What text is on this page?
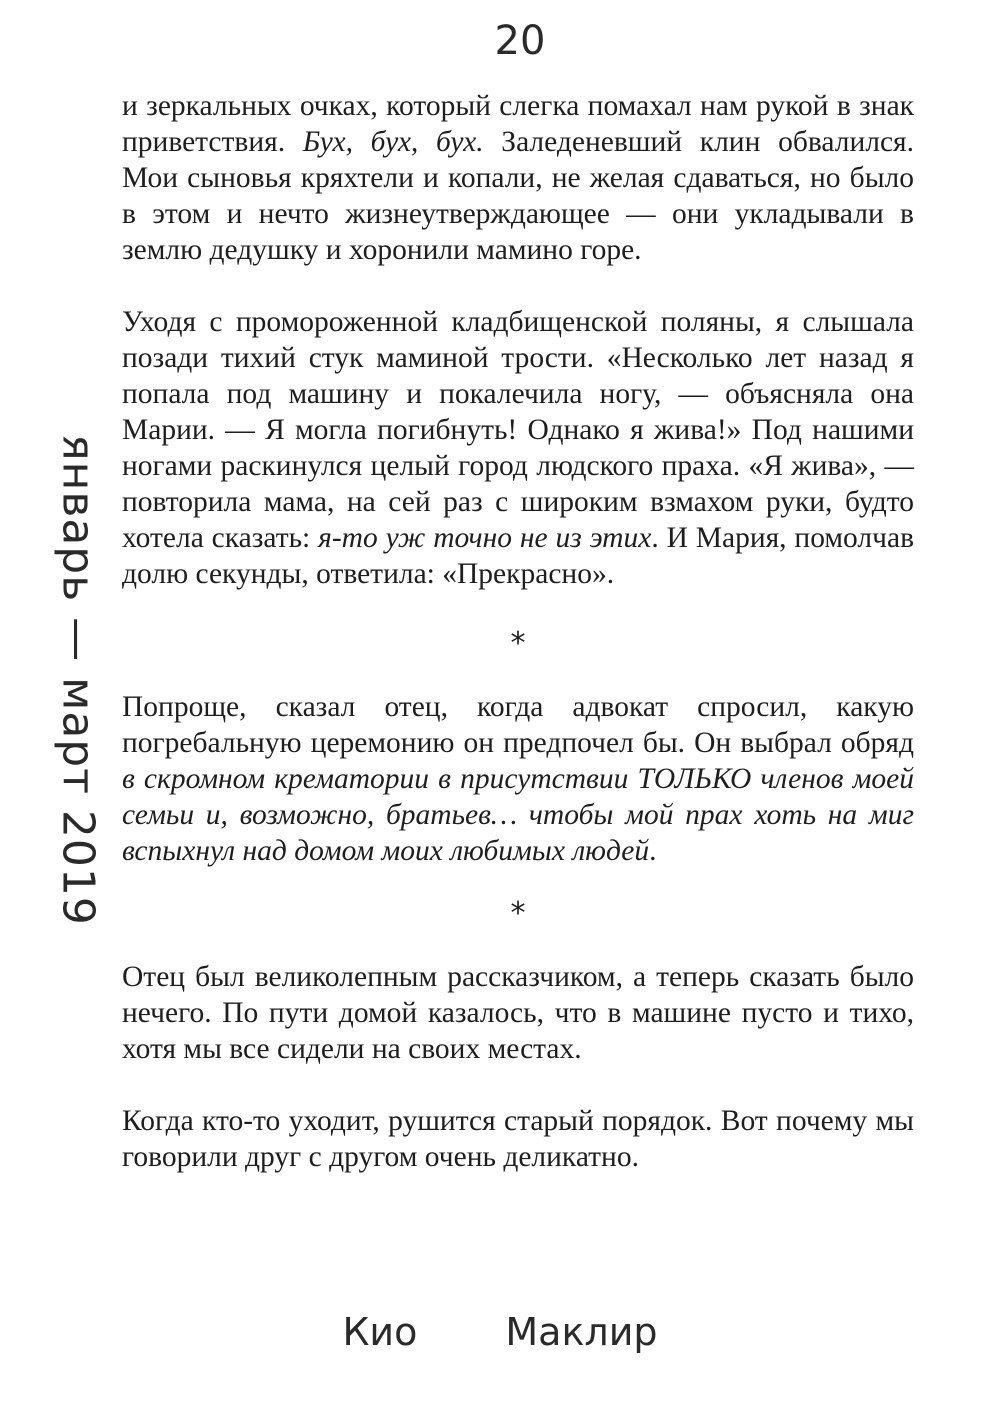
20
январь — март 2019

и зеркальных очках, который слегка помахал нам рукой в знак приветствия. Бух, бух, бух. Заледеневший клин обвалился. Мои сыновья кряхтели и копали, не желая сдаваться, но было в этом и нечто жизнеутверждающее — они укладывали в землю дедушку и хоронили мамино горе.

Уходя с промороженной кладбищенской поляны, я слышала позади тихий стук маминой трости. «Несколько лет назад я попала под машину и покалечила ногу, — объясняла она Марии. — Я могла погибнуть! Однако я жива!» Под нашими ногами раскинулся целый город людского праха. «Я жива», — повторила мама, на сей раз с широким взмахом руки, будто хотела сказать: я-то уж точно не из этих. И Мария, помолчав долю секунды, ответила: «Прекрасно».

*

Попроще, сказал отец, когда адвокат спросил, какую погребальную церемонию он предпочел бы. Он выбрал обряд в скромном крематории в присутствии ТОЛЬКО членов моей семьи и, возможно, братьев… чтобы мой прах хоть на миг вспыхнул над домом моих любимых людей.

*

Отец был великолепным рассказчиком, а теперь сказать было нечего. По пути домой казалось, что в машине пусто и тихо, хотя мы все сидели на своих местах.

Когда кто-то уходит, рушится старый порядок. Вот почему мы говорили друг с другом очень деликатно.

Кио Маклир
